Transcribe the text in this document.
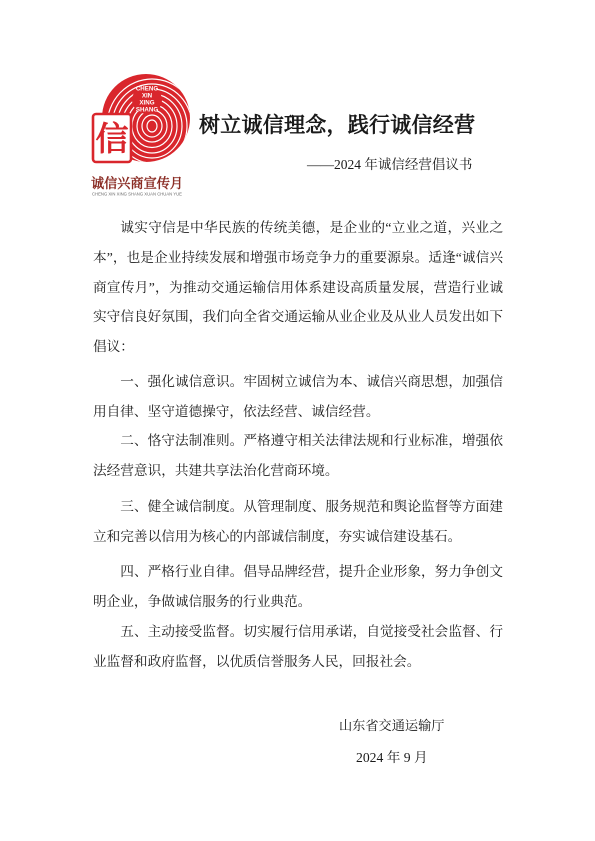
CHENG
XIN
XING
SHANG
信
诚信兴商宣传月
CHENG XIN XING SHANG XUAN CHUAN YUE
树立诚信理念，践行诚信经营
——2024 年诚信经营倡议书

诚实守信是中华民族的传统美德，是企业的“立业之道，兴业之本”，也是企业持续发展和增强市场竞争力的重要源泉。适逢“诚信兴商宣传月”，为推动交通运输信用体系建设高质量发展，营造行业诚实守信良好氛围，我们向全省交通运输从业企业及从业人员发出如下倡议：

一、强化诚信意识。牢固树立诚信为本、诚信兴商思想，加强信用自律、坚守道德操守，依法经营、诚信经营。

二、恪守法制准则。严格遵守相关法律法规和行业标准，增强依法经营意识，共建共享法治化营商环境。

三、健全诚信制度。从管理制度、服务规范和舆论监督等方面建立和完善以信用为核心的内部诚信制度，夯实诚信建设基石。

四、严格行业自律。倡导品牌经营，提升企业形象，努力争创文明企业，争做诚信服务的行业典范。

五、主动接受监督。切实履行信用承诺，自觉接受社会监督、行业监督和政府监督，以优质信誉服务人民，回报社会。

山东省交通运输厅
2024 年 9 月
